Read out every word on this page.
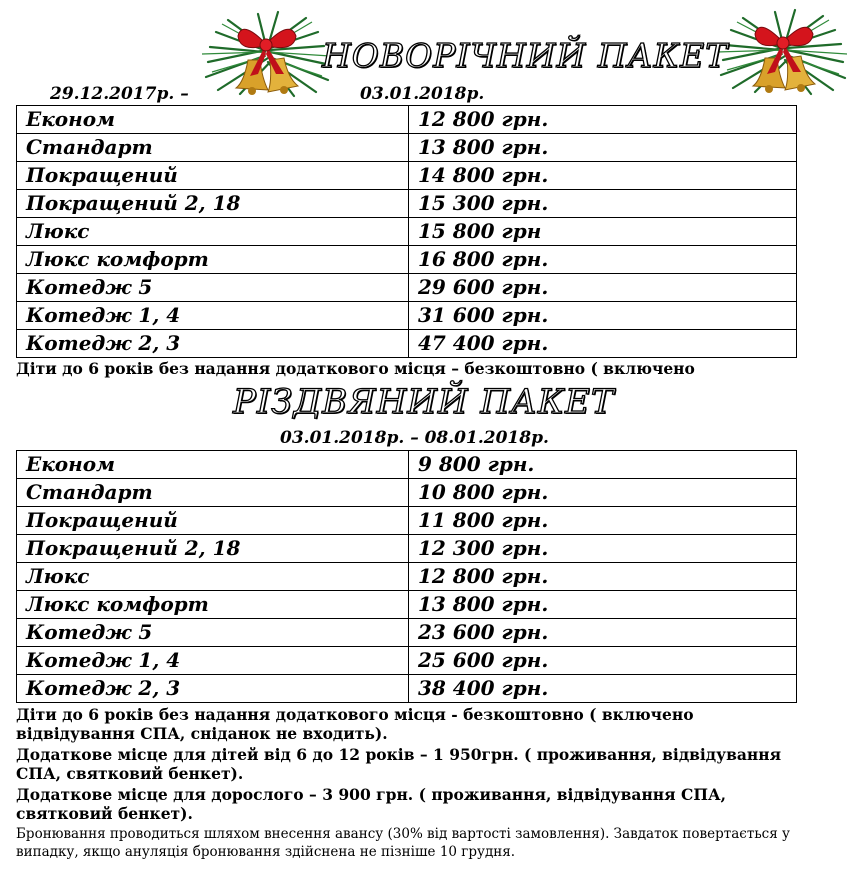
НОВОРІЧНИЙ ПАКЕТ
29.12.2017р. –	03.01.2018р.
Економ	12 800 грн.
Стандарт	13 800 грн.
Покращений	14 800 грн.
Покращений 2, 18	15 300 грн.
Люкс	15 800 грн
Люкс комфорт	16 800 грн.
Котедж 5	29 600 грн.
Котедж 1, 4	31 600 грн.
Котедж 2, 3	47 400 грн.
Діти до 6 років без надання додаткового місця – безкоштовно ( включено
РІЗДВЯНИЙ ПАКЕТ
03.01.2018р. – 08.01.2018р.
Економ	9 800 грн.
Стандарт	10 800 грн.
Покращений	11 800 грн.
Покращений 2, 18	12 300 грн.
Люкс	12 800 грн.
Люкс комфорт	13 800 грн.
Котедж 5	23 600 грн.
Котедж 1, 4	25 600 грн.
Котедж 2, 3	38 400 грн.
Діти до 6 років без надання додаткового місця - безкоштовно ( включено відвідування СПА, сніданок не входить).
Додаткове місце для дітей від 6 до 12 років – 1 950грн. ( проживання, відвідування СПА, святковий бенкет).
Додаткове місце для дорослого – 3 900 грн. ( проживання, відвідування СПА, святковий бенкет).
Бронювання проводиться шляхом внесення авансу (30% від вартості замовлення). Завдаток повертається у випадку, якщо ануляція бронювання здійснена не пізніше 10 грудня.
